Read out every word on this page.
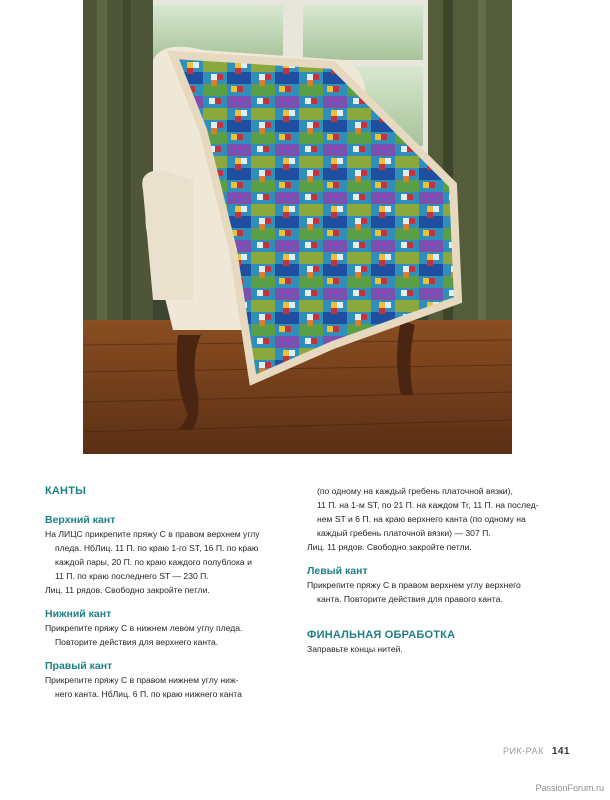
КАНТЫ

Верхний кант

На ЛИЦС прикрепите пряжу С в правом верхнем углу
пледа. НбЛиц. 11 П. по краю 1-го ST, 16 П. по краю
каждой пары, 20 П. по краю каждого полублока и
11 П. по краю последнего ST — 230 П.
Лиц. 11 рядов. Свободно закройте петли.

Нижний кант

Прикрепите пряжу С в нижнем левом углу пледа.
Повторите действия для верхнего канта.

Правый кант

Прикрепите пряжу С в правом нижнем углу ниж-
него канта. НбЛиц. 6 П. по краю нижнего канта

(по одному на каждый гребень платочной вязки),
11 П. на 1-м ST, по 21 П. на каждом Tr, 11 П. на послед-
нем ST и 6 П. на краю верхнего канта (по одному на
каждый гребень платочной вязки) — 307 П.
Лиц. 11 рядов. Свободно закройте петли.

Левый кант

Прикрепите пряжу С в правом верхнем углу верхнего
канта. Повторите действия для правого канта.

ФИНАЛЬНАЯ ОБРАБОТКА

Заправьте концы нитей.

РИК-РАК 141
PassionForum.ru
